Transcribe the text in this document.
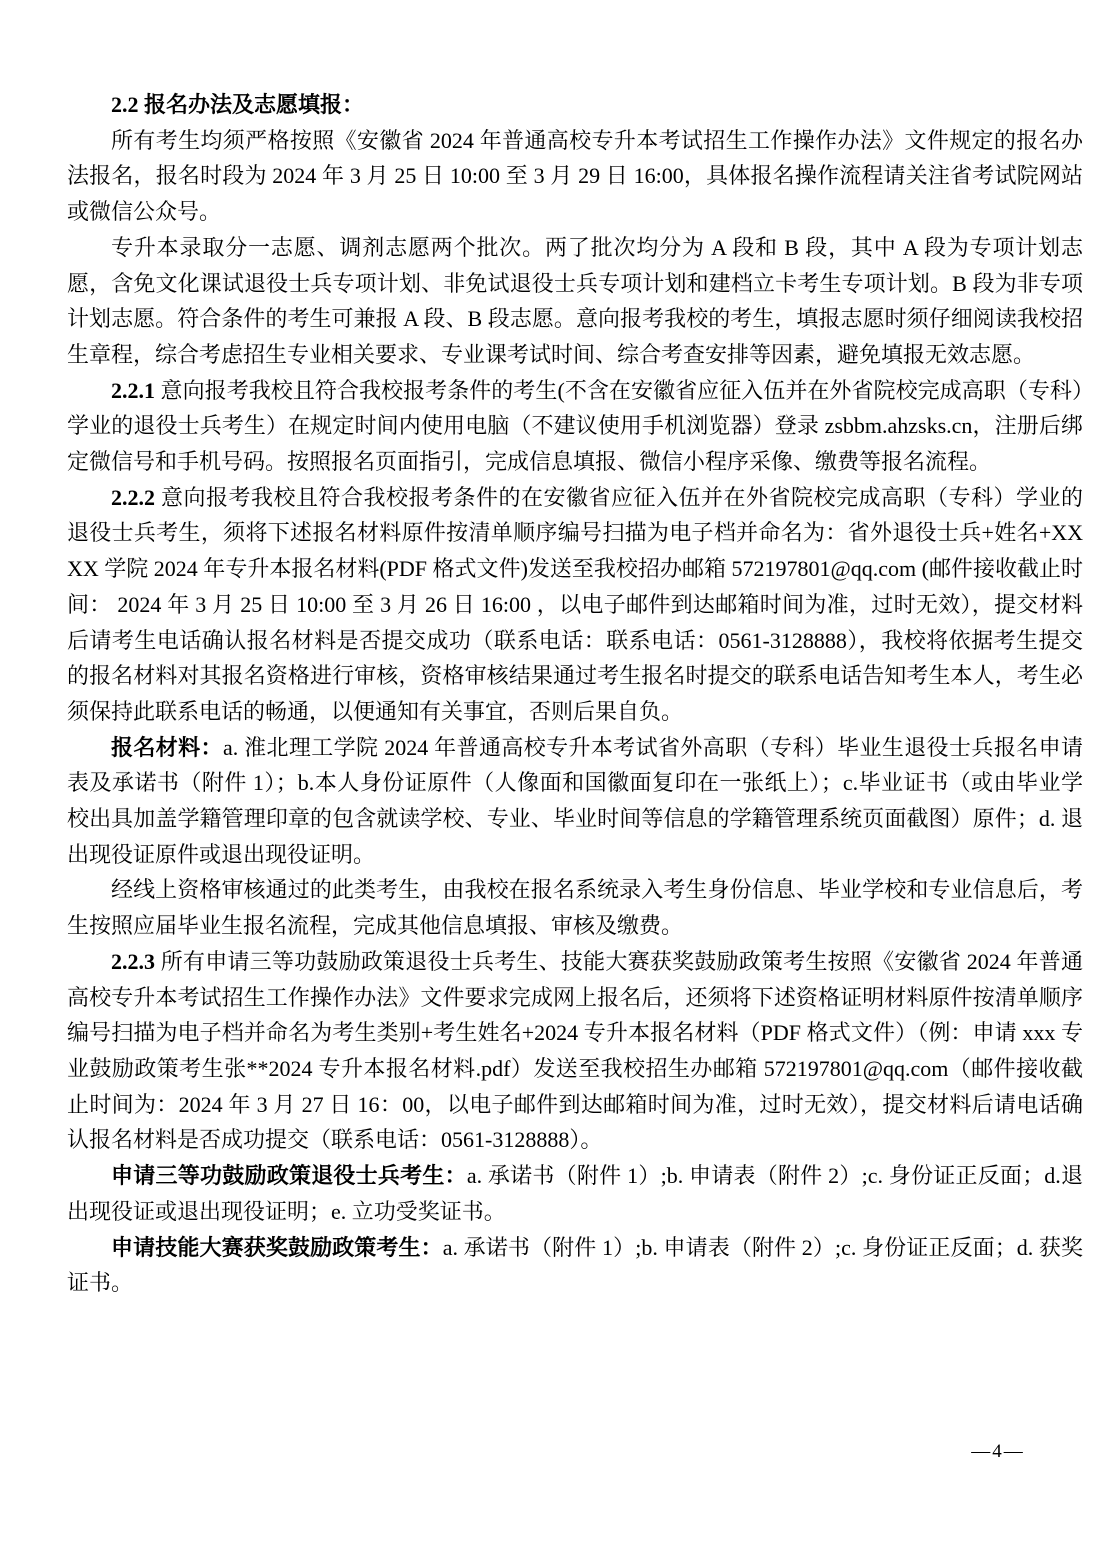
2.2 报名办法及志愿填报：

所有考生均须严格按照《安徽省 2024 年普通高校专升本考试招生工作操作办法》文件规定的报名办法报名，报名时段为 2024 年 3 月 25 日 10:00 至 3 月 29 日 16:00，具体报名操作流程请关注省考试院网站或微信公众号。

专升本录取分一志愿、调剂志愿两个批次。两了批次均分为 A 段和 B 段，其中 A 段为专项计划志愿，含免文化课试退役士兵专项计划、非免试退役士兵专项计划和建档立卡考生专项计划。B 段为非专项计划志愿。符合条件的考生可兼报 A 段、B 段志愿。意向报考我校的考生，填报志愿时须仔细阅读我校招生章程，综合考虑招生专业相关要求、专业课考试时间、综合考查安排等因素，避免填报无效志愿。

2.2.1 意向报考我校且符合我校报考条件的考生(不含在安徽省应征入伍并在外省院校完成高职（专科）学业的退役士兵考生）在规定时间内使用电脑（不建议使用手机浏览器）登录 zsbbm.ahzsks.cn，注册后绑定微信号和手机号码。按照报名页面指引，完成信息填报、微信小程序采像、缴费等报名流程。

2.2.2 意向报考我校且符合我校报考条件的在安徽省应征入伍并在外省院校完成高职（专科）学业的退役士兵考生，须将下述报名材料原件按清单顺序编号扫描为电子档并命名为：省外退役士兵+姓名+XXXX 学院 2024 年专升本报名材料(PDF 格式文件)发送至我校招办邮箱 572197801@qq.com (邮件接收截止时间： 2024 年 3 月 25 日 10:00 至 3 月 26 日 16:00 ，以电子邮件到达邮箱时间为准，过时无效），提交材料后请考生电话确认报名材料是否提交成功（联系电话：联系电话：0561-3128888），我校将依据考生提交的报名材料对其报名资格进行审核，资格审核结果通过考生报名时提交的联系电话告知考生本人，考生必须保持此联系电话的畅通，以便通知有关事宜，否则后果自负。

报名材料：a. 淮北理工学院 2024 年普通高校专升本考试省外高职（专科）毕业生退役士兵报名申请表及承诺书（附件 1）；b.本人身份证原件（人像面和国徽面复印在一张纸上）；c.毕业证书（或由毕业学校出具加盖学籍管理印章的包含就读学校、专业、毕业时间等信息的学籍管理系统页面截图）原件；d. 退出现役证原件或退出现役证明。

经线上资格审核通过的此类考生，由我校在报名系统录入考生身份信息、毕业学校和专业信息后，考生按照应届毕业生报名流程，完成其他信息填报、审核及缴费。

2.2.3 所有申请三等功鼓励政策退役士兵考生、技能大赛获奖鼓励政策考生按照《安徽省 2024 年普通高校专升本考试招生工作操作办法》文件要求完成网上报名后，还须将下述资格证明材料原件按清单顺序编号扫描为电子档并命名为考生类别+考生姓名+2024 专升本报名材料（PDF 格式文件）（例：申请 xxx 专业鼓励政策考生张**2024 专升本报名材料.pdf）发送至我校招生办邮箱 572197801@qq.com（邮件接收截止时间为：2024 年 3 月 27 日 16：00，以电子邮件到达邮箱时间为准，过时无效），提交材料后请电话确认报名材料是否成功提交（联系电话：0561-3128888）。

申请三等功鼓励政策退役士兵考生：a. 承诺书（附件 1）;b. 申请表（附件 2）;c. 身份证正反面；d.退出现役证或退出现役证明；e. 立功受奖证书。

申请技能大赛获奖鼓励政策考生：a. 承诺书（附件 1）;b. 申请表（附件 2）;c. 身份证正反面；d. 获奖证书。

—4—
